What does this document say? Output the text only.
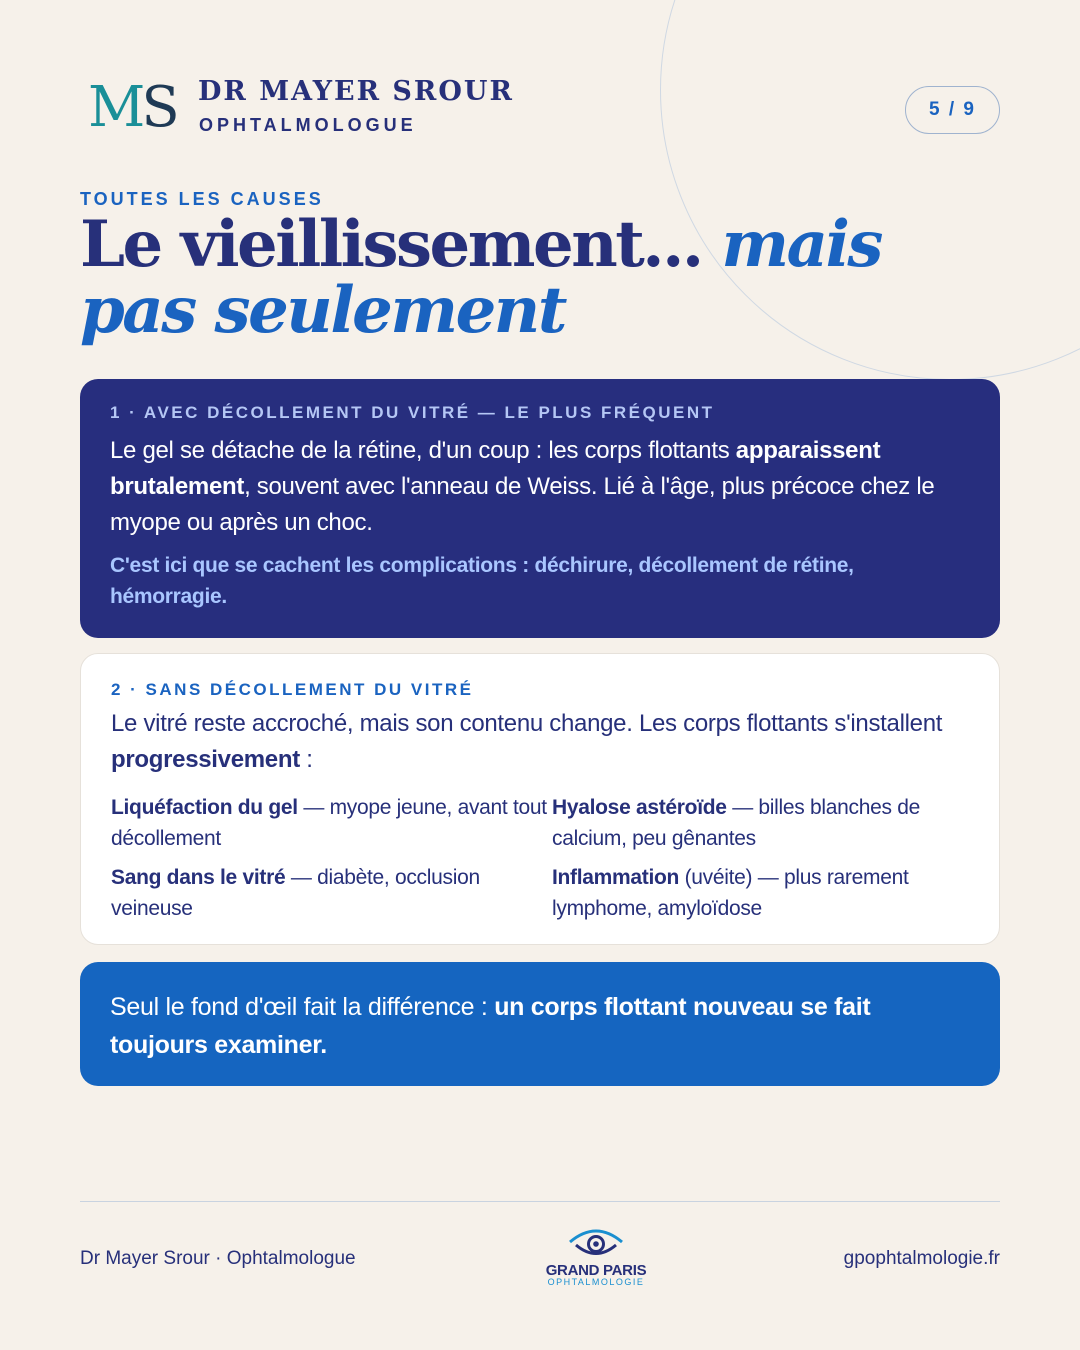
MS DR MAYER SROUR
OPHTALMOLOGUE
5 / 9
TOUTES LES CAUSES
Le vieillissement... mais pas seulement
1 · AVEC DÉCOLLEMENT DU VITRÉ — LE PLUS FRÉQUENT

Le gel se détache de la rétine, d'un coup : les corps flottants apparaissent brutalement, souvent avec l'anneau de Weiss. Lié à l'âge, plus précoce chez le myope ou après un choc.

C'est ici que se cachent les complications : déchirure, décollement de rétine, hémorragie.

2 · SANS DÉCOLLEMENT DU VITRÉ

Le vitré reste accroché, mais son contenu change. Les corps flottants s'installent progressivement :

Liquéfaction du gel — myope jeune, avant tout décollement
Hyalose astéroïde — billes blanches de calcium, peu gênantes
Sang dans le vitré — diabète, occlusion veineuse
Inflammation (uvéite) — plus rarement lymphome, amyloïdose

Seul le fond d'œil fait la différence : un corps flottant nouveau se fait toujours examiner.

Dr Mayer Srour · Ophtalmologue
GRAND PARIS
OPHTALMOLOGIE
gpophtalmologie.fr
